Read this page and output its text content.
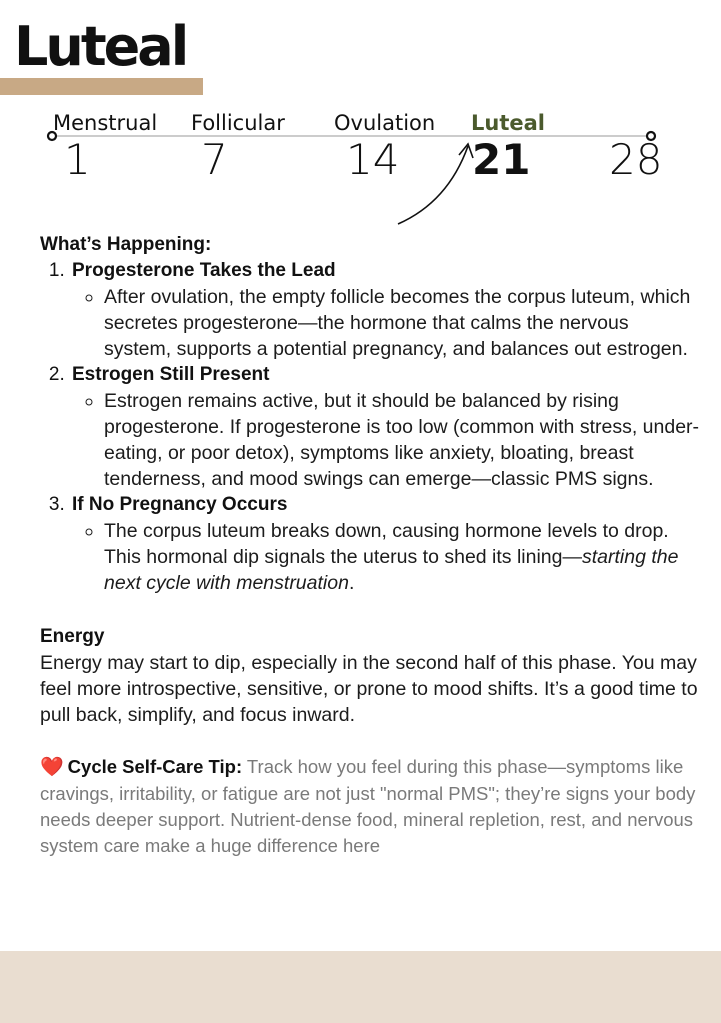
Luteal
Menstrual Follicular Ovulation Luteal
1	7	14 21 28

What’s Happening:

1. Progesterone Takes the Lead
◦ After ovulation, the empty follicle becomes the corpus luteum, which secretes progesterone—the hormone that calms the nervous system, supports a potential pregnancy, and balances out estrogen.
2. Estrogen Still Present
◦ Estrogen remains active, but it should be balanced by rising progesterone. If progesterone is too low (common with stress, under-eating, or poor detox), symptoms like anxiety, bloating, breast tenderness, and mood swings can emerge—classic PMS signs.
3. If No Pregnancy Occurs
◦ The corpus luteum breaks down, causing hormone levels to drop. This hormonal dip signals the uterus to shed its lining—starting the next cycle with menstruation.

Energy

Energy may start to dip, especially in the second half of this phase. You may feel more introspective, sensitive, or prone to mood shifts. It’s a good time to pull back, simplify, and focus inward.

❤️ Cycle Self-Care Tip: Track how you feel during this phase—symptoms like cravings, irritability, or fatigue are not just "normal PMS"; they’re signs your body needs deeper support. Nutrient-dense food, mineral repletion, rest, and nervous system care make a huge difference here
